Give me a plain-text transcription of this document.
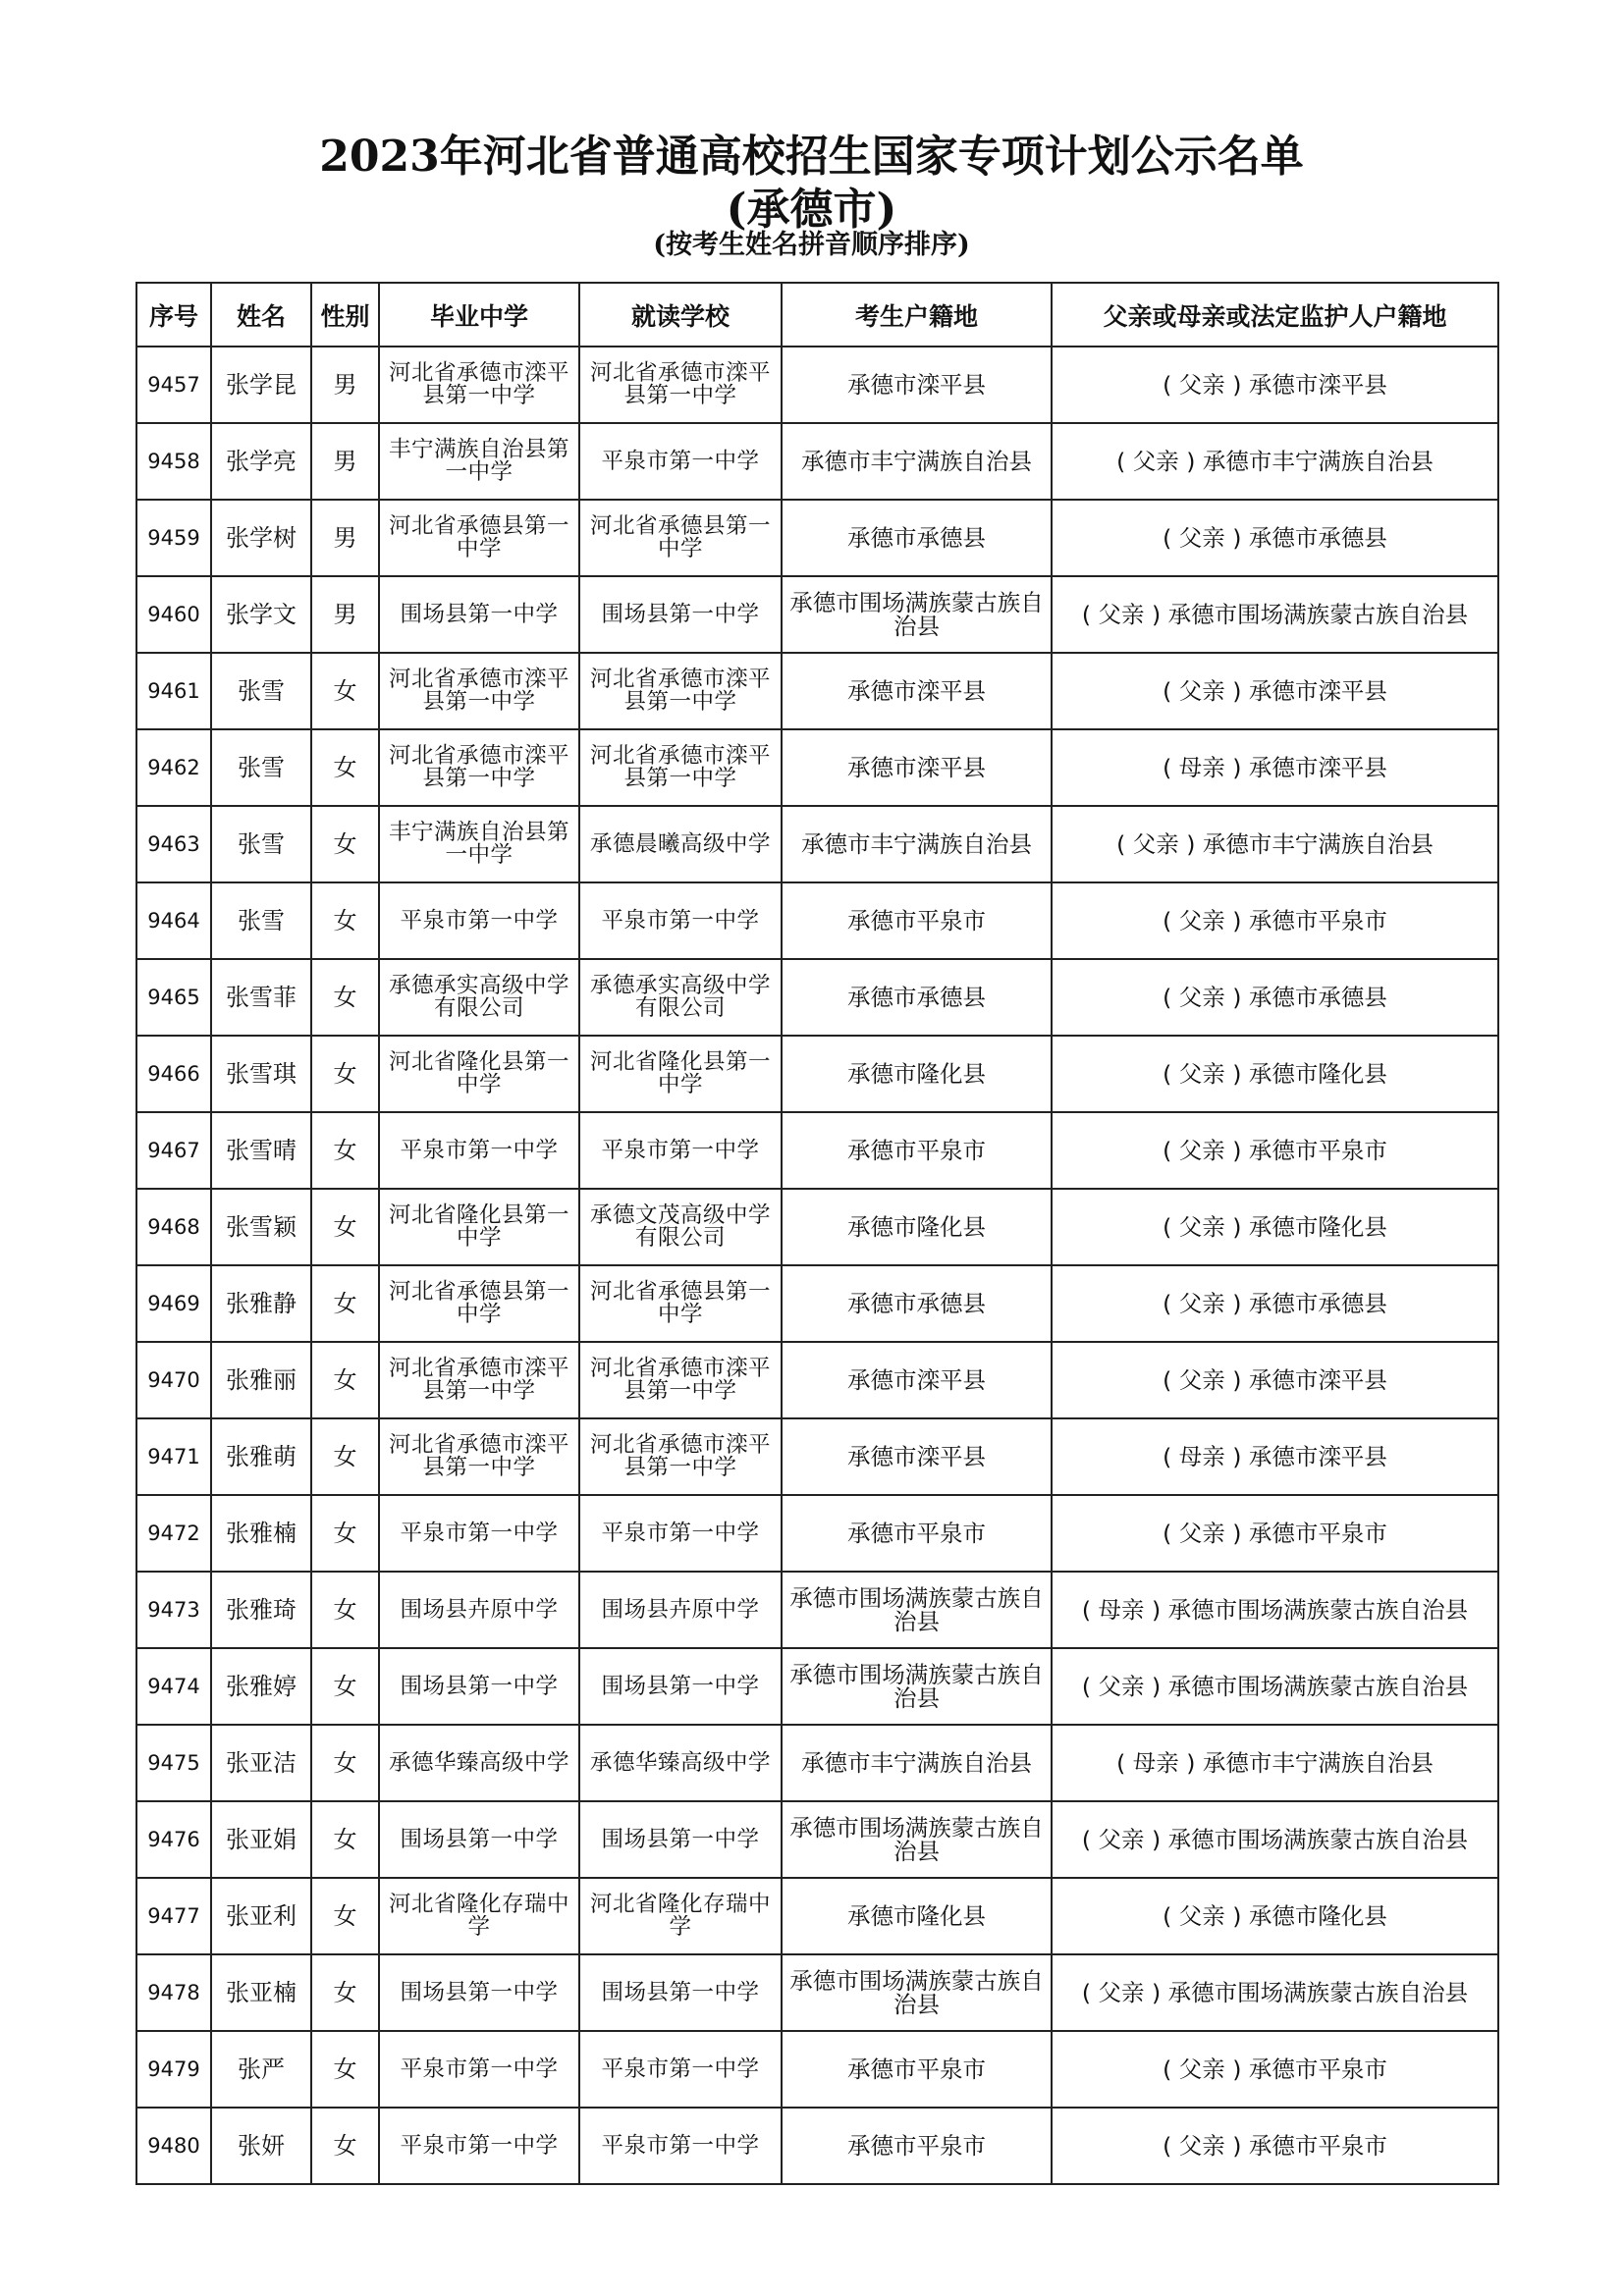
2023年河北省普通高校招生国家专项计划公示名单
(承德市)
(按考生姓名拼音顺序排序)
序号	姓名	性别	毕业中学	就读学校	考生户籍地	父亲或母亲或法定监护人户籍地
9457	张学昆	男	河北省承德市滦平县第一中学	河北省承德市滦平县第一中学	承德市滦平县	( 父亲 ) 承德市滦平县
9458	张学亮	男	丰宁满族自治县第一中学	平泉市第一中学	承德市丰宁满族自治县	( 父亲 ) 承德市丰宁满族自治县
9459	张学树	男	河北省承德县第一中学	河北省承德县第一中学	承德市承德县	( 父亲 ) 承德市承德县
9460	张学文	男	围场县第一中学	围场县第一中学	承德市围场满族蒙古族自治县	( 父亲 ) 承德市围场满族蒙古族自治县
9461	张雪	女	河北省承德市滦平县第一中学	河北省承德市滦平县第一中学	承德市滦平县	( 父亲 ) 承德市滦平县
9462	张雪	女	河北省承德市滦平县第一中学	河北省承德市滦平县第一中学	承德市滦平县	( 母亲 ) 承德市滦平县
9463	张雪	女	丰宁满族自治县第一中学	承德晨曦高级中学	承德市丰宁满族自治县	( 父亲 ) 承德市丰宁满族自治县
9464	张雪	女	平泉市第一中学	平泉市第一中学	承德市平泉市	( 父亲 ) 承德市平泉市
9465	张雪菲	女	承德承实高级中学有限公司	承德承实高级中学有限公司	承德市承德县	( 父亲 ) 承德市承德县
9466	张雪琪	女	河北省隆化县第一中学	河北省隆化县第一中学	承德市隆化县	( 父亲 ) 承德市隆化县
9467	张雪晴	女	平泉市第一中学	平泉市第一中学	承德市平泉市	( 父亲 ) 承德市平泉市
9468	张雪颖	女	河北省隆化县第一中学	承德文茂高级中学有限公司	承德市隆化县	( 父亲 ) 承德市隆化县
9469	张雅静	女	河北省承德县第一中学	河北省承德县第一中学	承德市承德县	( 父亲 ) 承德市承德县
9470	张雅丽	女	河北省承德市滦平县第一中学	河北省承德市滦平县第一中学	承德市滦平县	( 父亲 ) 承德市滦平县
9471	张雅萌	女	河北省承德市滦平县第一中学	河北省承德市滦平县第一中学	承德市滦平县	( 母亲 ) 承德市滦平县
9472	张雅楠	女	平泉市第一中学	平泉市第一中学	承德市平泉市	( 父亲 ) 承德市平泉市
9473	张雅琦	女	围场县卉原中学	围场县卉原中学	承德市围场满族蒙古族自治县	( 母亲 ) 承德市围场满族蒙古族自治县
9474	张雅婷	女	围场县第一中学	围场县第一中学	承德市围场满族蒙古族自治县	( 父亲 ) 承德市围场满族蒙古族自治县
9475	张亚洁	女	承德华臻高级中学	承德华臻高级中学	承德市丰宁满族自治县	( 母亲 ) 承德市丰宁满族自治县
9476	张亚娟	女	围场县第一中学	围场县第一中学	承德市围场满族蒙古族自治县	( 父亲 ) 承德市围场满族蒙古族自治县
9477	张亚利	女	河北省隆化存瑞中学	河北省隆化存瑞中学	承德市隆化县	( 父亲 ) 承德市隆化县
9478	张亚楠	女	围场县第一中学	围场县第一中学	承德市围场满族蒙古族自治县	( 父亲 ) 承德市围场满族蒙古族自治县
9479	张严	女	平泉市第一中学	平泉市第一中学	承德市平泉市	( 父亲 ) 承德市平泉市
9480	张妍	女	平泉市第一中学	平泉市第一中学	承德市平泉市	( 父亲 ) 承德市平泉市
